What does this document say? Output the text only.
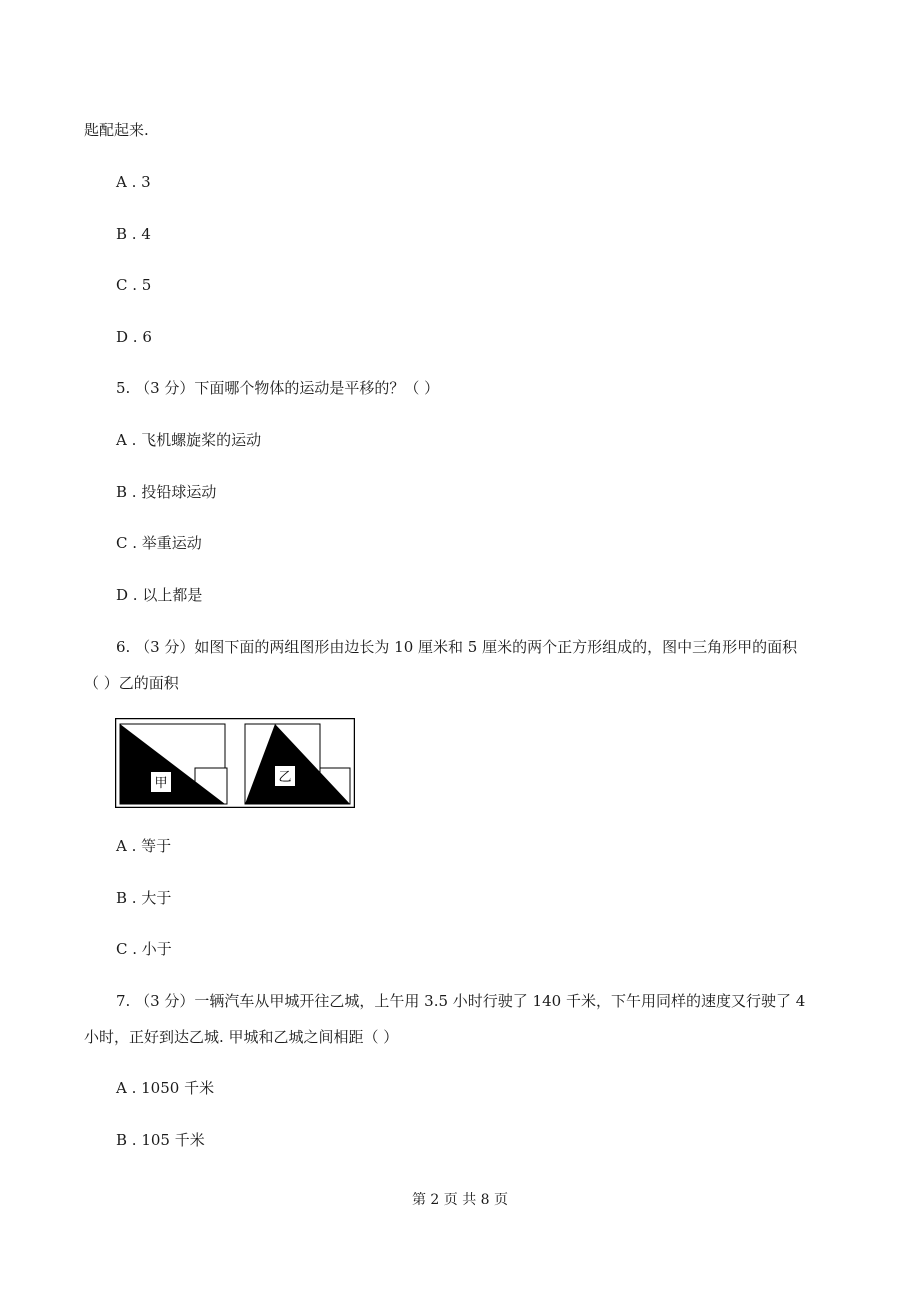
匙配起来.
A . 3
B . 4
C . 5
D . 6
5. （3 分）下面哪个物体的运动是平移的？（ ）
A . 飞机螺旋桨的运动
B . 投铅球运动
C . 举重运动
D . 以上都是
6. （3 分）如图下面的两组图形由边长为 10 厘米和 5 厘米的两个正方形组成的，图中三角形甲的面积
（ ）乙的面积
甲	乙
A . 等于
B . 大于
C . 小于
7. （3 分）一辆汽车从甲城开往乙城，上午用 3.5 小时行驶了 140 千米，下午用同样的速度又行驶了 4
小时，正好到达乙城. 甲城和乙城之间相距（ ）
A . 1050 千米
B . 105 千米
第 2 页 共 8 页
